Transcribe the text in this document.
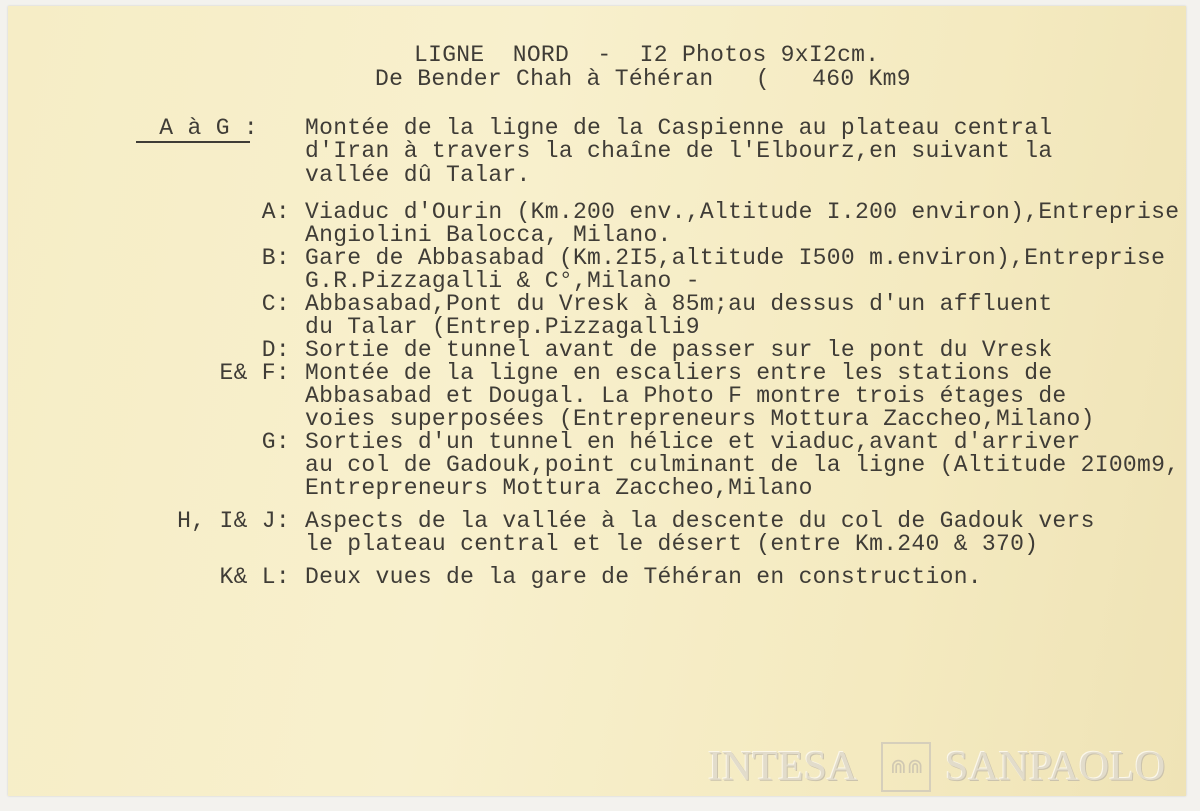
LIGNE  NORD  -  I2 Photos 9xI2cm.
De Bender Chah à Téhéran   (   460 Km9
A à G : Montée de la ligne de la Caspienne au plateau central
d'Iran à travers la chaîne de l'Elbourz,en suivant la
vallée dû Talar.
A: Viaduc d'Ourin (Km.200 env.,Altitude I.200 environ),Entreprise
Angiolini Balocca, Milano.
B: Gare de Abbasabad (Km.2I5,altitude I500 m.environ),Entreprise
G.R.Pizzagalli & C°,Milano -
C: Abbasabad,Pont du Vresk à 85m;au dessus d'un affluent
du Talar (Entrep.Pizzagalli9
D: Sortie de tunnel avant de passer sur le pont du Vresk
E& F: Montée de la ligne en escaliers entre les stations de
Abbasabad et Dougal. La Photo F montre trois étages de
voies superposées (Entrepreneurs Mottura Zaccheo,Milano)
G: Sorties d'un tunnel en hélice et viaduc,avant d'arriver
au col de Gadouk,point culminant de la ligne (Altitude 2I00m9,
Entrepreneurs Mottura Zaccheo,Milano
H, I& J: Aspects de la vallée à la descente du col de Gadouk vers
le plateau central et le désert (entre Km.240 & 370)
K& L: Deux vues de la gare de Téhéran en construction.
INTESA ⋒⋒ SANPAOLO
